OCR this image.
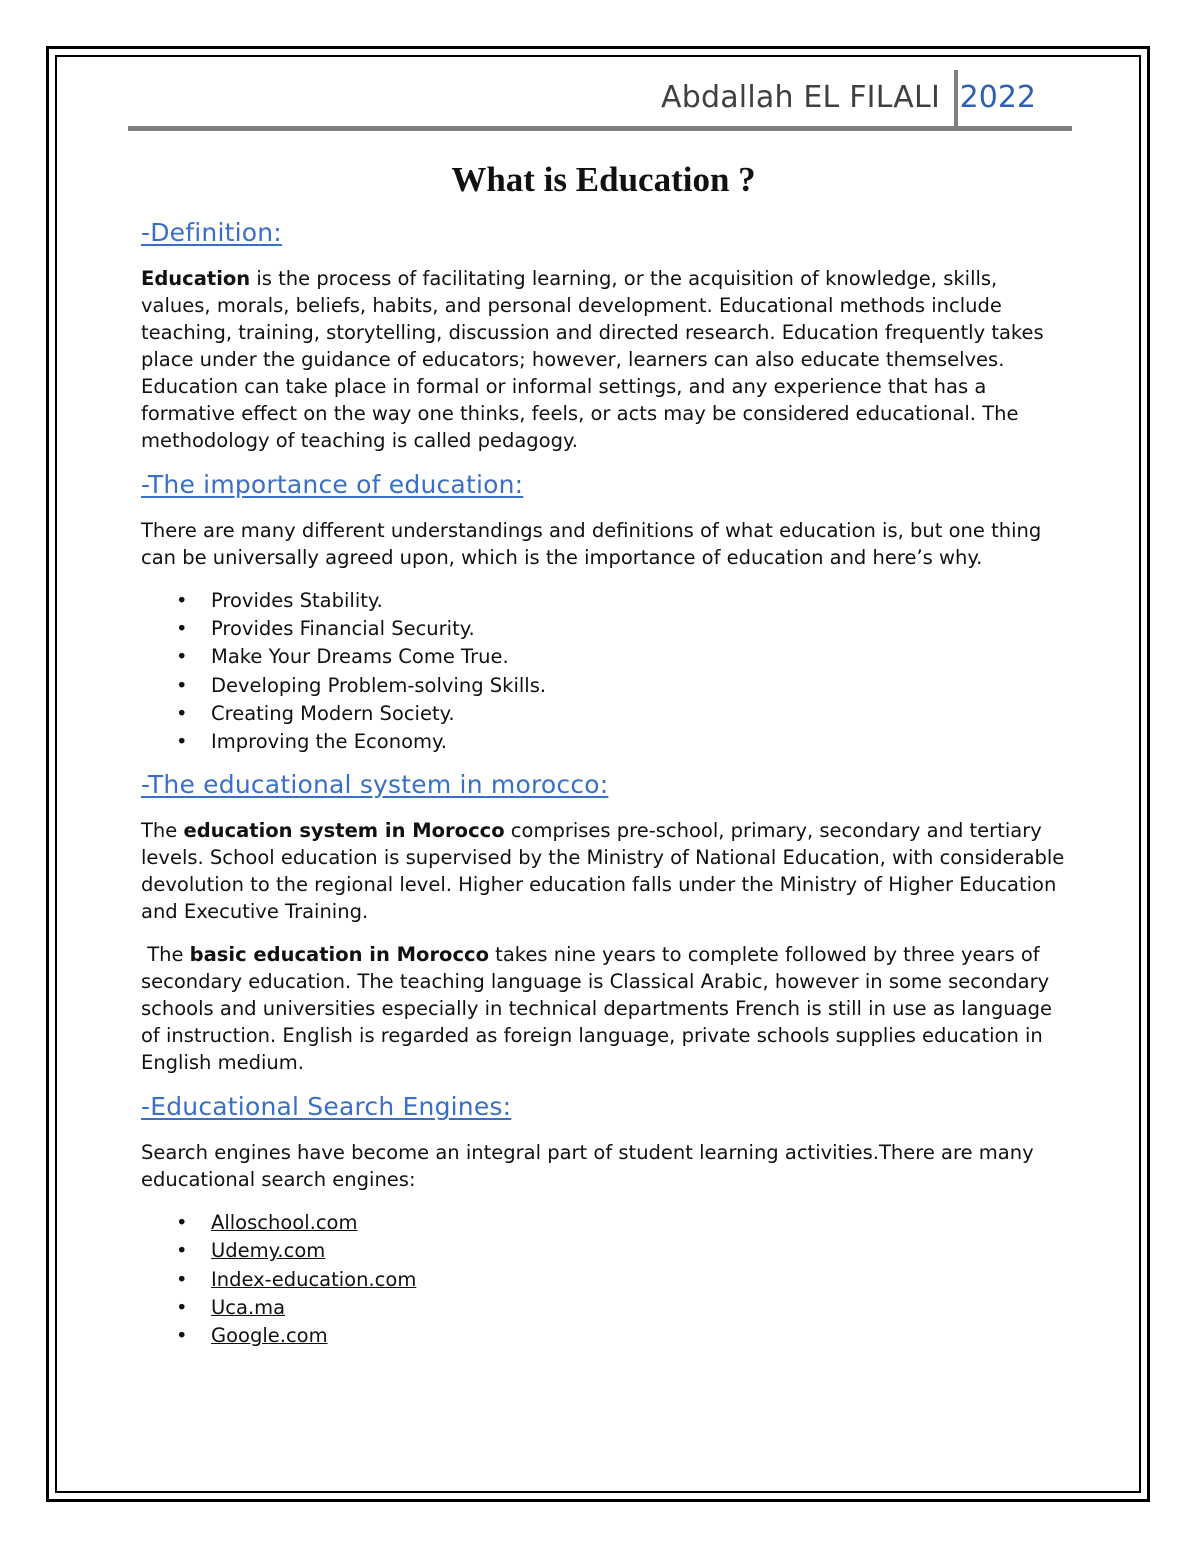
Abdallah EL FILALI 2022
What is Education ?
-Definition:

Education is the process of facilitating learning, or the acquisition of knowledge, skills, values, morals, beliefs, habits, and personal development. Educational methods include teaching, training, storytelling, discussion and directed research. Education frequently takes place under the guidance of educators; however, learners can also educate themselves. Education can take place in formal or informal settings, and any experience that has a formative effect on the way one thinks, feels, or acts may be considered educational. The methodology of teaching is called pedagogy.

-The importance of education:

There are many different understandings and definitions of what education is, but one thing can be universally agreed upon, which is the importance of education and here’s why.

• Provides Stability.
• Provides Financial Security.
• Make Your Dreams Come True.
• Developing Problem-solving Skills.
• Creating Modern Society.
• Improving the Economy.
-The educational system in morocco:

The education system in Morocco comprises pre-school, primary, secondary and tertiary levels. School education is supervised by the Ministry of National Education, with considerable devolution to the regional level. Higher education falls under the Ministry of Higher Education and Executive Training.

The basic education in Morocco takes nine years to complete followed by three years of secondary education. The teaching language is Classical Arabic, however in some secondary schools and universities especially in technical departments French is still in use as language of instruction. English is regarded as foreign language, private schools supplies education in English medium.

-Educational Search Engines:

Search engines have become an integral part of student learning activities.There are many educational search engines:

• Alloschool.com
• Udemy.com
• Index-education.com
• Uca.ma
• Google.com
